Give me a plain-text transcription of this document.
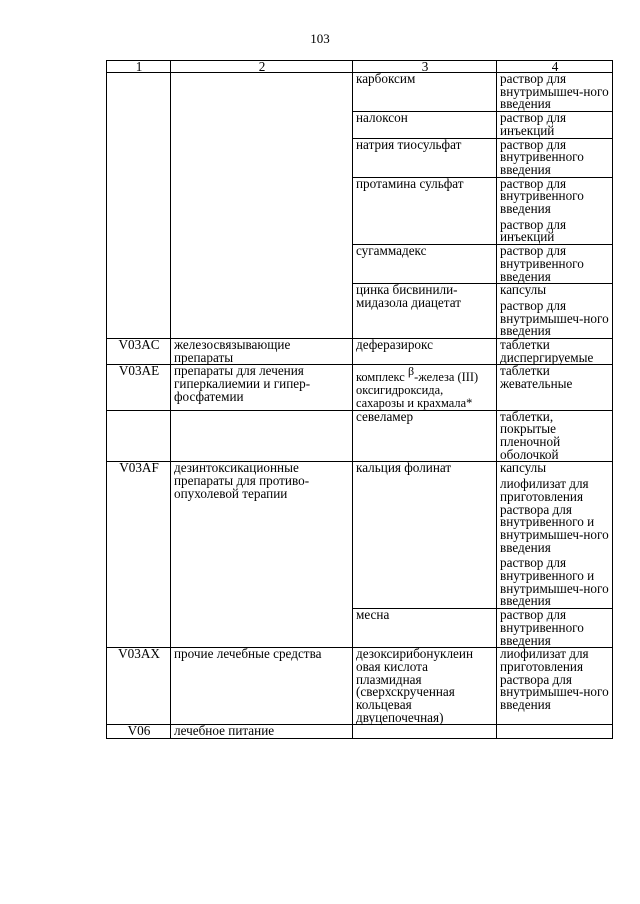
103
1	2	3	4
		карбоксим	раствор для внутримышеч-ного введения

		налоксон	раствор для инъекций

		натрия тиосульфат	раствор для внутривенного введения

		протамина сульфат	раствор для внутривенного введения
раствор для инъекций

		сугаммадекс	раствор для внутривенного введения

		цинка бисвинили-мидазола диацетат	капсулы
раствор для внутримышеч-ного введения

V03AC	железосвязывающие препараты	деферазирокс	таблетки диспергируемые

V03AE	препараты для лечения гиперкалиемии и гипер-фосфатемии	комплекс β-железа (III) оксигидроксида, сахарозы и крахмала*	таблетки жевательные

		севеламер	таблетки, покрытые пленочной оболочкой

V03AF	дезинтоксикационные препараты для противо-опухолевой терапии	кальция фолинат	капсулы
лиофилизат для приготовления раствора для внутривенного и внутримышеч-ного введения
раствор для внутривенного и внутримышеч-ного введения

		месна	раствор для внутривенного введения

V03AX	прочие лечебные средства	дезоксирибонуклеин овая кислота плазмидная (сверхскрученная кольцевая двуцепочечная)	лиофилизат для приготовления раствора для внутримышеч-ного введения

V06	лечебное питание		
